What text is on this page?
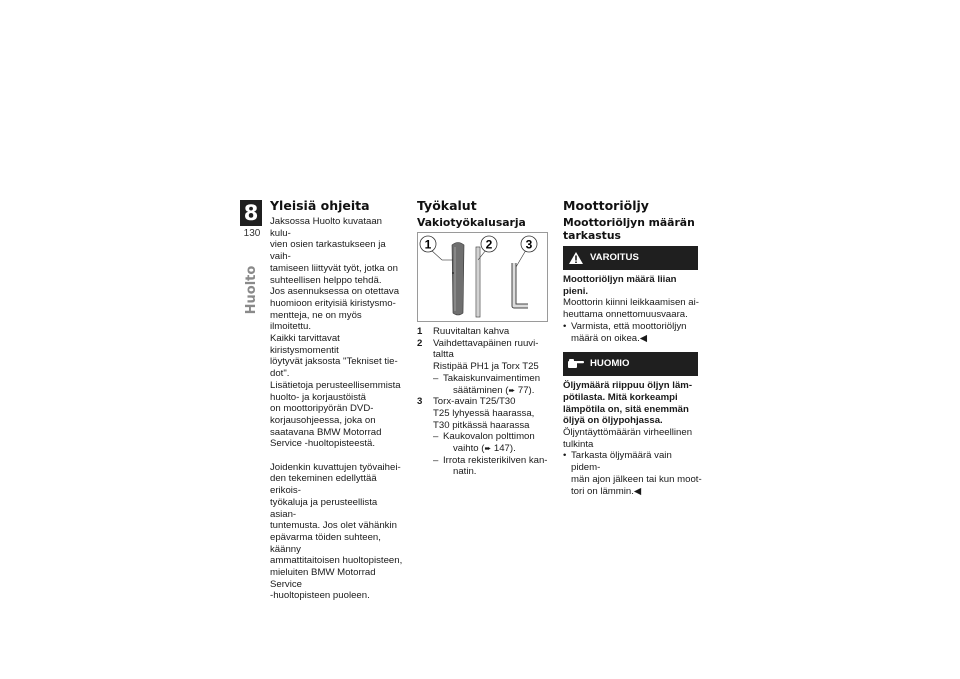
8
130
Huolto
Yleisiä ohjeita

Jaksossa Huolto kuvataan kulu-

vien osien tarkastukseen ja vaih-

tamiseen liittyvät työt, jotka on

suhteellisen helppo tehdä.

Jos asennuksessa on otettava

huomioon erityisiä kiristysmo-

mentteja, ne on myös ilmoitettu.

Kaikki tarvittavat kiristysmomentit

löytyvät jaksosta "Tekniset tie-

dot".

Lisätietoja perusteellisemmista

huolto- ja korjaustöistä

on moottoripyörän DVD-

korjausohjeessa, joka on

saatavana BMW Motorrad

Service -huoltopisteestä.

Joidenkin kuvattujen työvaihei-

den tekeminen edellyttää erikois-

työkaluja ja perusteellista asian-

tuntemusta. Jos olet vähänkin

epävarma töiden suhteen, käänny

ammattitaitoisen huoltopisteen,

mieluiten BMW Motorrad Service

-huoltopisteen puoleen.

Työkalut
Vakiotyökalusarja
1	2	3
1	Ruuvitaltan kahva

2	Vaihdettavapäinen ruuvi-

taltta

Ristipää PH1 ja Torx T25

– Takaiskunvaimentimen

säätäminen (➨ 77).

3	Torx-avain T25/T30

T25 lyhyessä haarassa,

T30 pitkässä haarassa

– Kaukovalon polttimon

vaihto (➨ 147).

– Irrota rekisterikilven kan-

natin.

Moottoriöljy
Moottoriöljyn määrän
tarkastus
VAROITUS

Moottoriöljyn määrä liian

pieni.

Moottorin kiinni leikkaamisen ai-

heuttama onnettomuusvaara.

• Varmista, että moottoriöljyn

määrä on oikea.◀

HUOMIO

Öljymäärä riippuu öljyn läm-

pötilasta. Mitä korkeampi

lämpötila on, sitä enemmän

öljyä on öljypohjassa.

Öljyntäyttömäärän virheellinen

tulkinta

• Tarkasta öljymäärä vain pidem-

män ajon jälkeen tai kun moot-

tori on lämmin.◀
